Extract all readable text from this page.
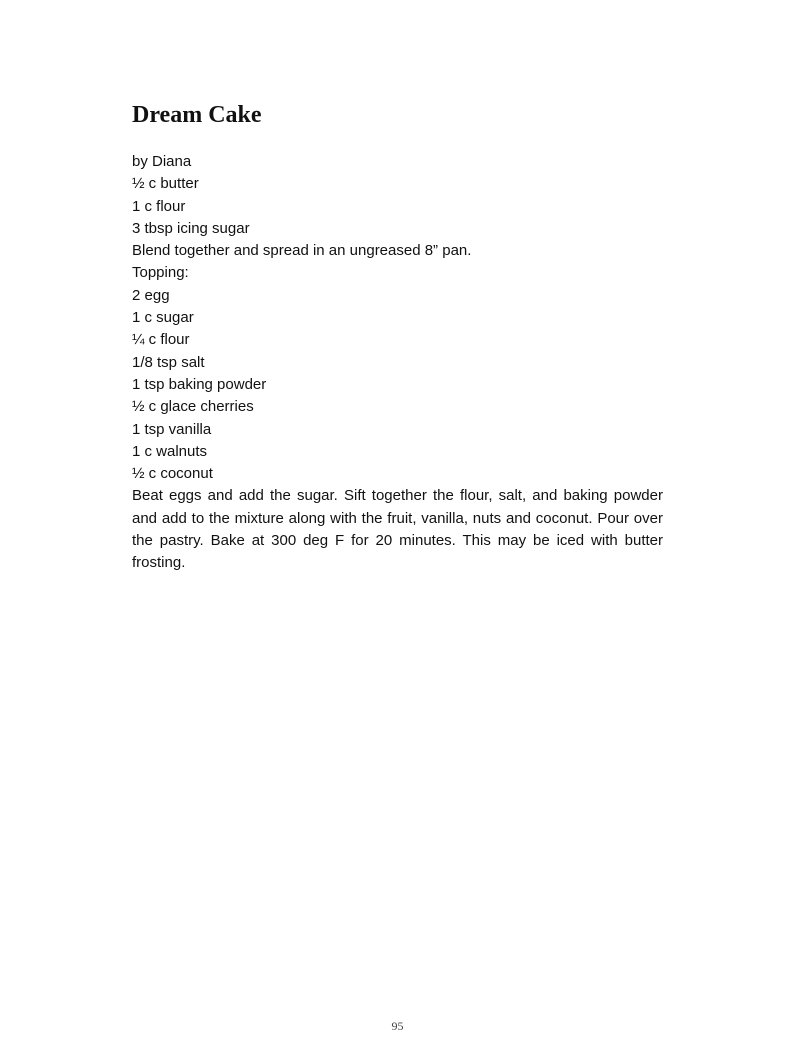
Dream Cake
by Diana
½ c butter
1 c flour
3 tbsp icing sugar
Blend together and spread in an ungreased 8” pan.
Topping:
2 egg
1 c sugar
¼ c flour
1/8 tsp salt
1 tsp baking powder
½ c glace cherries
1 tsp vanilla
1 c walnuts
½ c coconut

Beat eggs and add the sugar. Sift together the flour, salt, and baking powder and add to the mixture along with the fruit, vanilla, nuts and coconut. Pour over the pastry. Bake at 300 deg F for 20 minutes. This may be iced with butter frosting.

95
